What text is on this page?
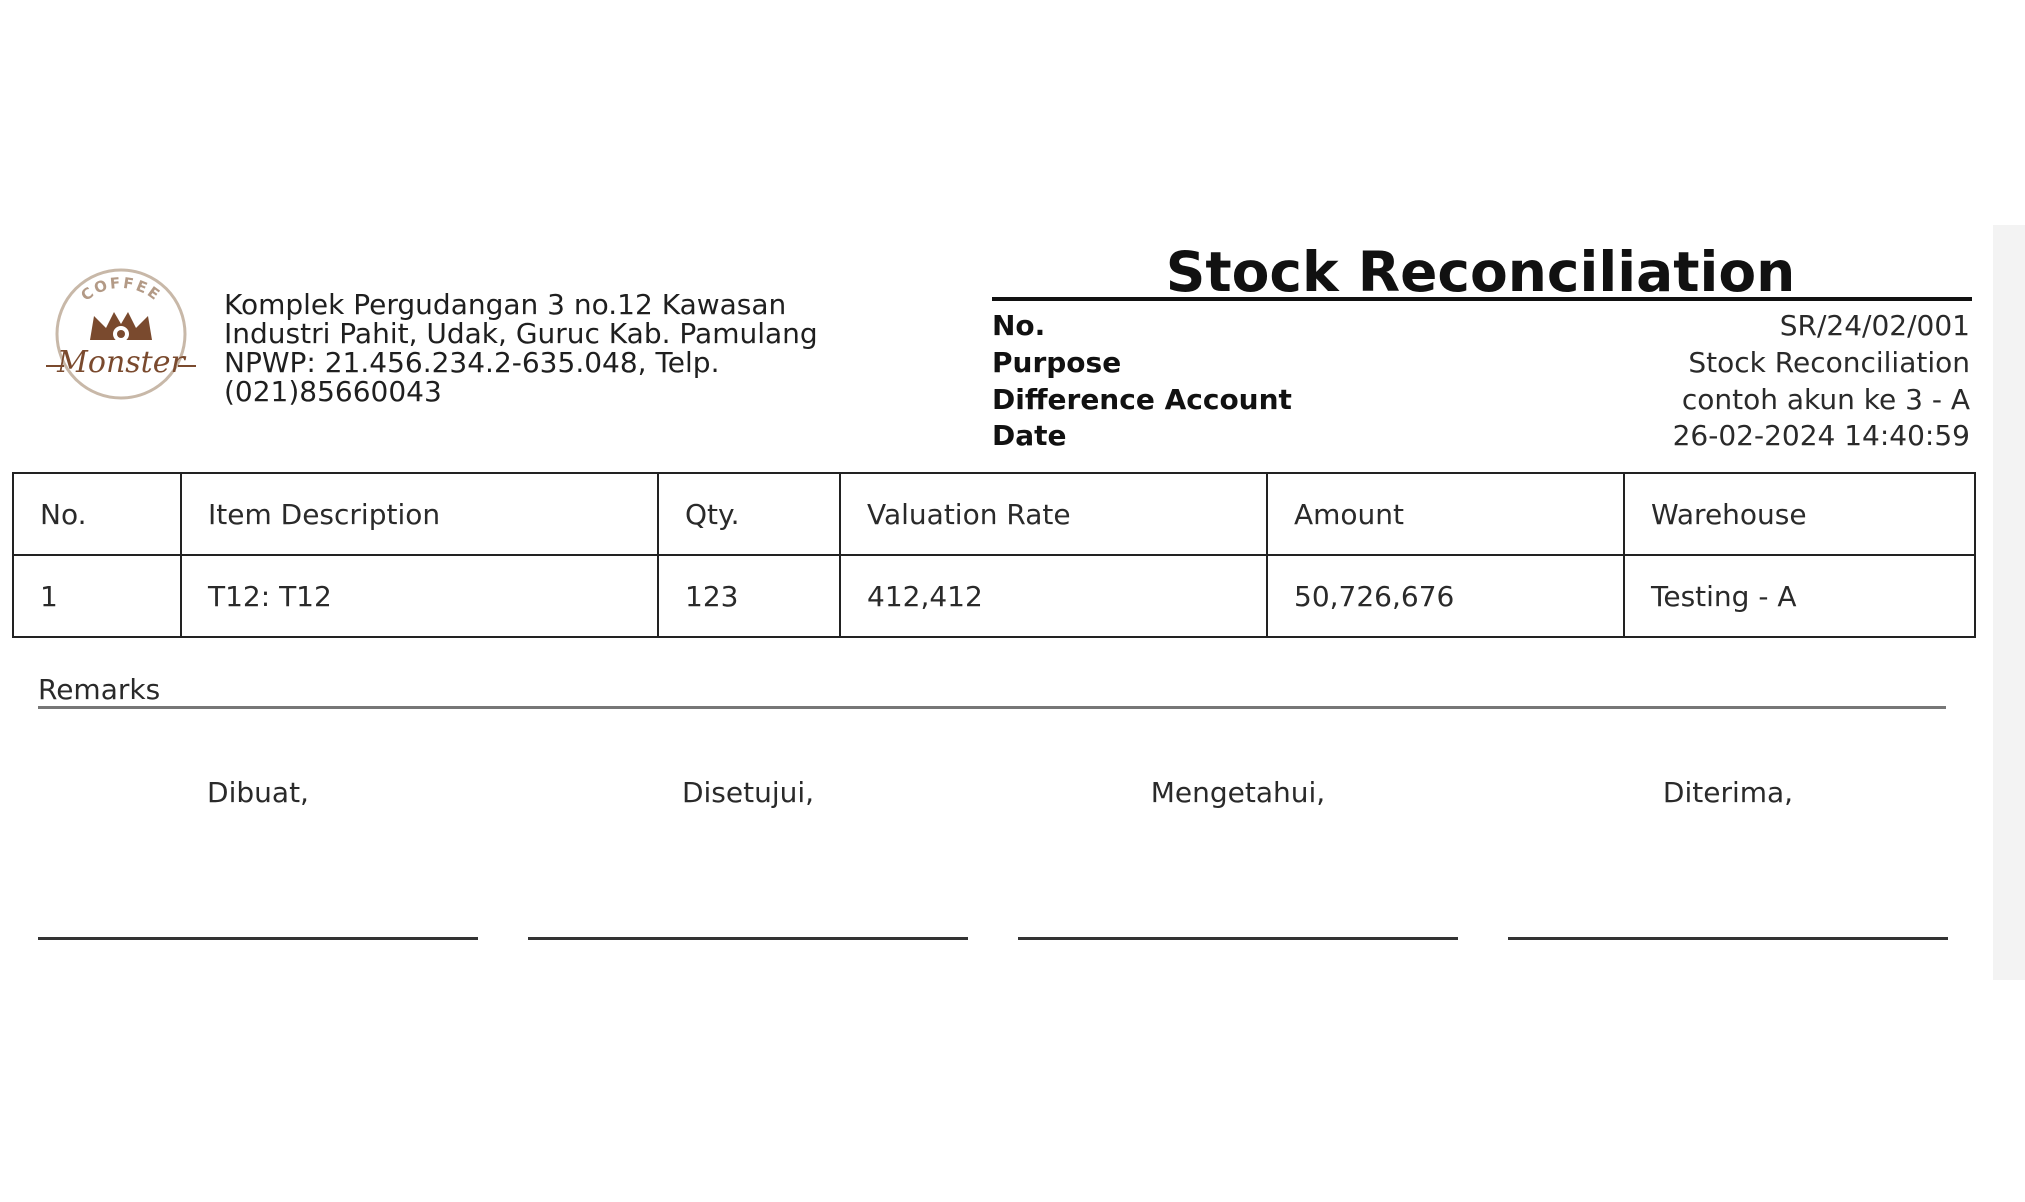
COFFEE
Monster
Komplek Pergudangan 3 no.12 Kawasan
Industri Pahit, Udak, Guruc Kab. Pamulang
NPWP: 21.456.234.2-635.048, Telp.
(021)85660043
Stock Reconciliation
No.	SR/24/02/001
Purpose	Stock Reconciliation
Difference Account	contoh akun ke 3 - A
Date	26-02-2024 14:40:59
No.	Item Description	Qty.	Valuation Rate	Amount	Warehouse
1	T12: T12	123	412,412	50,726,676	Testing - A
Remarks
Dibuat,	Disetujui,	Mengetahui,	Diterima,
